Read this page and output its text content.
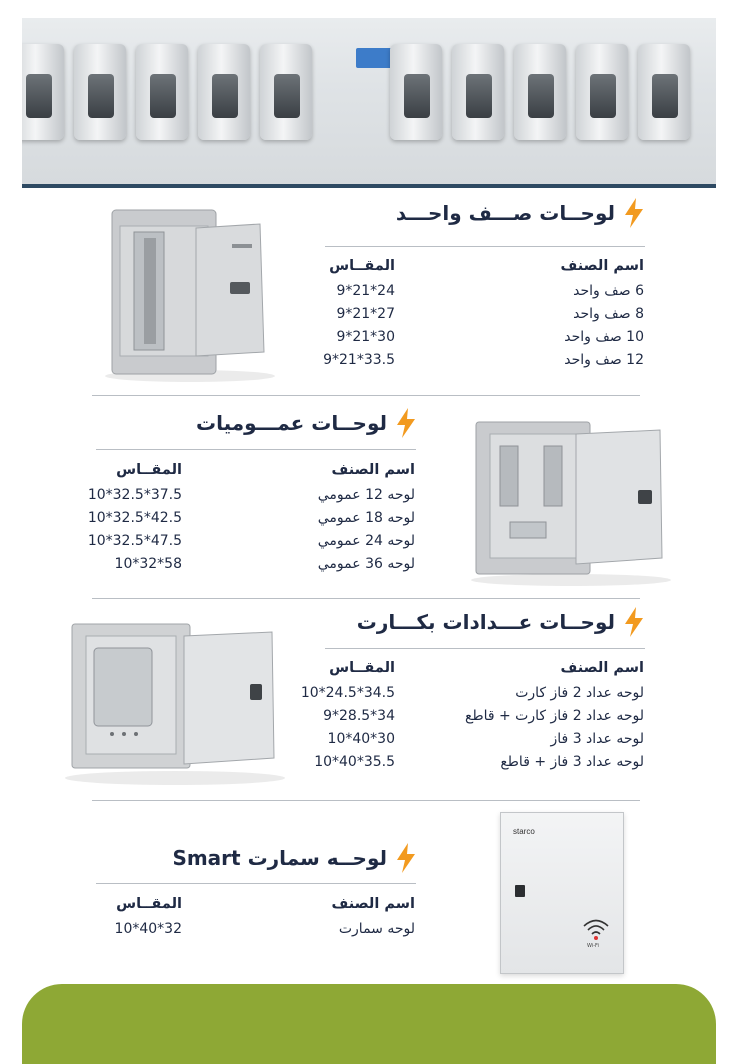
لوحــات صـــف واحـــد
اسم الصنف
6 صف واحد
8 صف واحد
10 صف واحد
12 صف واحد
المقــاس
9*21*24
9*21*27
9*21*30
9*21*33.5
لوحــات عمـــوميات
اسم الصنف
لوحه 12 عمومي
لوحه 18 عمومي
لوحه 24 عمومي
لوحه 36 عمومي
المقــاس
10*32.5*37.5
10*32.5*42.5
10*32.5*47.5
10*32*58
لوحــات عـــدادات بكـــارت
اسم الصنف
لوحه عداد 2 فاز كارت
لوحه عداد 2 فاز كارت + قاطع
لوحه عداد 3 فاز
لوحه عداد 3 فاز + قاطع
المقــاس
10*24.5*34.5
9*28.5*34
10*40*30
10*40*35.5
لوحــه سمارت Smart
اسم الصنف
لوحه سمارت
المقــاس
10*40*32
starco
Wi-Fi
